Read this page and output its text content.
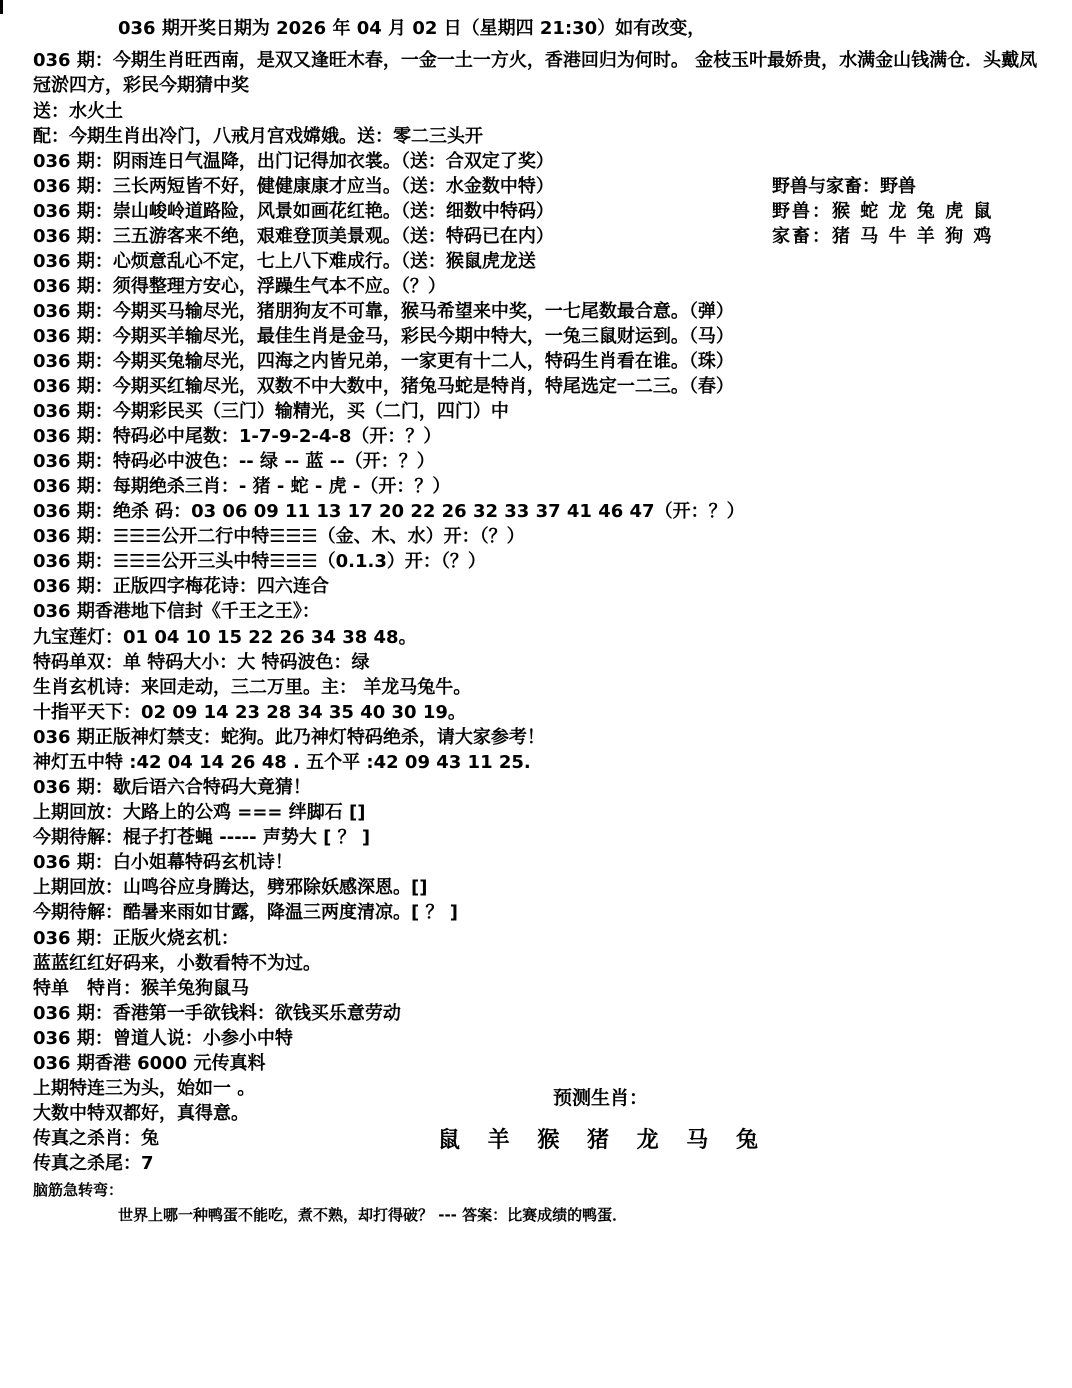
036 期开奖日期为 2026 年 04 月 02 日（星期四 21:30）如有改变，
036 期：今期生肖旺西南，是双又逢旺木春，一金一土一方火，香港回归为何时。 金枝玉叶最娇贵，水满金山钱满仓．头戴凤冠淤四方，彩民今期猜中奖
送：水火土
配：今期生肖出冷门，八戒月宫戏嫦娥。送：零二三头开
036 期：阴雨连日气温降，出门记得加衣裳。（送：合双定了奖）
036 期：三长两短皆不好，健健康康才应当。（送：水金数中特）
036 期：崇山峻岭道路险，风景如画花红艳。（送：细数中特码）
036 期：三五游客来不绝，艰难登顶美景观。（送：特码已在内）
036 期：心烦意乱心不定，七上八下难成行。（送：猴鼠虎龙送
036 期：须得整理方安心，浮躁生气本不应。（？）
036 期：今期买马输尽光，猪朋狗友不可靠，猴马希望来中奖，一七尾数最合意。（弹）
036 期：今期买羊输尽光，最佳生肖是金马，彩民今期中特大，一兔三鼠财运到。（马）
036 期：今期买兔输尽光，四海之内皆兄弟，一家更有十二人，特码生肖看在谁。（珠）
036 期：今期买红输尽光，双数不中大数中，猪兔马蛇是特肖，特尾选定一二三。（春）
036 期：今期彩民买（三门）输精光，买（二门，四门）中
036 期：特码必中尾数：1-7-9-2-4-8（开：？）
036 期：特码必中波色：-- 绿 -- 蓝 --（开：？）
036 期：每期绝杀三肖：- 猪 - 蛇 - 虎 -（开：？）
036 期：绝杀 码：03 06 09 11 13 17 20 22 26 32 33 37 41 46 47（开：？）
036 期：☰☰☰公开二行中特☰☰☰（金、木、水）开：（？）
036 期：☰☰☰公开三头中特☰☰☰（0.1.3）开：（？）
036 期：正版四字梅花诗：四六连合
036 期香港地下信封《千王之王》：
九宝莲灯：01 04 10 15 22 26 34 38 48。
特码单双：单 特码大小：大 特码波色：绿
生肖玄机诗：来回走动，三二万里。主： 羊龙马兔牛。
十指平天下：02 09 14 23 28 34 35 40 30 19。
036 期正版神灯禁支：蛇狗。此乃神灯特码绝杀，请大家参考！
神灯五中特 :42 04 14 26 48 . 五个平 :42 09 43 11 25.
036 期：歇后语六合特码大竟猜！
上期回放：大路上的公鸡 === 绊脚石 []
今期待解：棍子打苍蝇 ----- 声势大 [ ？ ]
036 期：白小姐幕特码玄机诗！
上期回放：山鸣谷应身腾达，劈邪除妖感深恩。[]
今期待解：酷暑来雨如甘露，降温三两度清凉。[ ？ ]
036 期：正版火烧玄机：
蓝蓝红红好码来，小数看特不为过。
特单　特肖：猴羊兔狗鼠马
036 期：香港第一手欲钱料：欲钱买乐意劳动
036 期：曾道人说：小参小中特
036 期香港 6000 元传真料
上期特连三为头，始如一 。
大数中特双都好，真得意。
传真之杀肖：兔
传真之杀尾：7
脑筋急转弯：
世界上哪一种鸭蛋不能吃，煮不熟，却打得破？ --- 答案：比赛成绩的鸭蛋．
野兽与家畜：野兽
野兽：猴 蛇 龙 兔 虎 鼠
家畜：猪 马 牛 羊 狗 鸡
预测生肖：
鼠 羊 猴 猪 龙 马 兔
